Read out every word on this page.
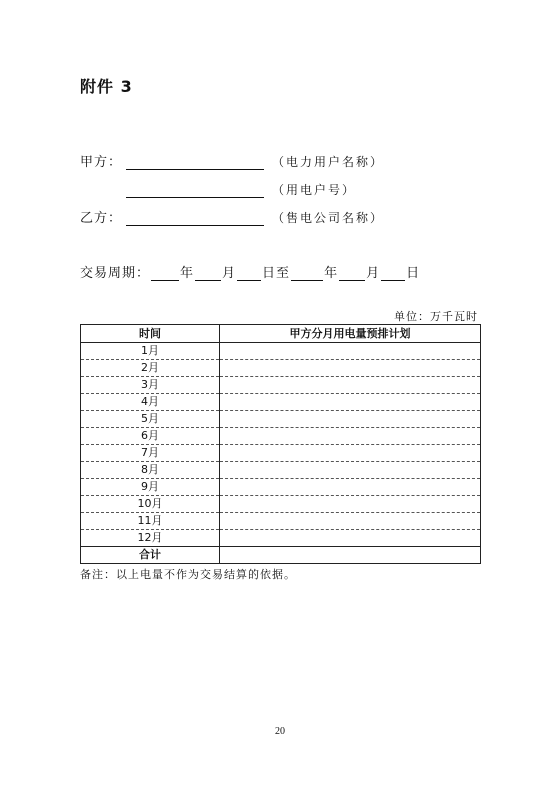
附件 3
甲方：	（电力用户名称）
（用电户号）
乙方：	（售电公司名称）
交易周期： 年 月 日至	年 月 日
单位：万千瓦时
时间	甲方分月用电量预排计划
1月	
2月	
3月	
4月	
5月	
6月	
7月	
8月	
9月	
10月	
11月	
12月	
合计	
备注：以上电量不作为交易结算的依据。
20
